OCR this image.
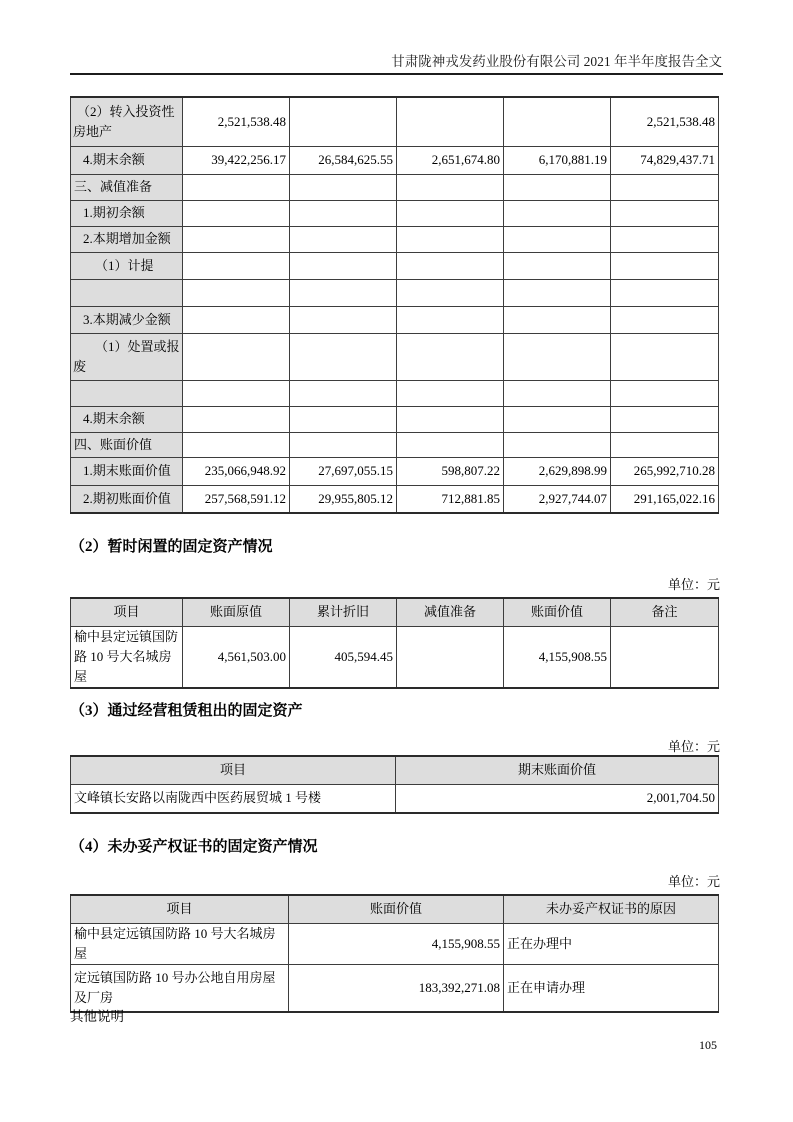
甘肃陇神戎发药业股份有限公司 2021 年半年度报告全文
（2）转入投资性房地产	2,521,538.48				2,521,538.48
4.期末余额	39,422,256.17	26,584,625.55	2,651,674.80	6,170,881.19	74,829,437.71
三、减值准备					
1.期初余额					
2.本期增加金额					
（1）计提					

3.本期减少金额					
（1）处置或报废					

4.期末余额					
四、账面价值					
1.期末账面价值	235,066,948.92	27,697,055.15	598,807.22	2,629,898.99	265,992,710.28
2.期初账面价值	257,568,591.12	29,955,805.12	712,881.85	2,927,744.07	291,165,022.16
（2）暂时闲置的固定资产情况
单位：元
项目	账面原值	累计折旧	减值准备	账面价值	备注
榆中县定远镇国防路 10 号大名城房屋	4,561,503.00	405,594.45		4,155,908.55	
（3）通过经营租赁租出的固定资产
单位：元
项目	期末账面价值
文峰镇长安路以南陇西中医药展贸城 1 号楼	2,001,704.50
（4）未办妥产权证书的固定资产情况
单位：元
项目	账面价值	未办妥产权证书的原因
榆中县定远镇国防路 10 号大名城房屋	4,155,908.55	正在办理中
定远镇国防路 10 号办公地自用房屋及厂房	183,392,271.08	正在申请办理
其他说明
105
